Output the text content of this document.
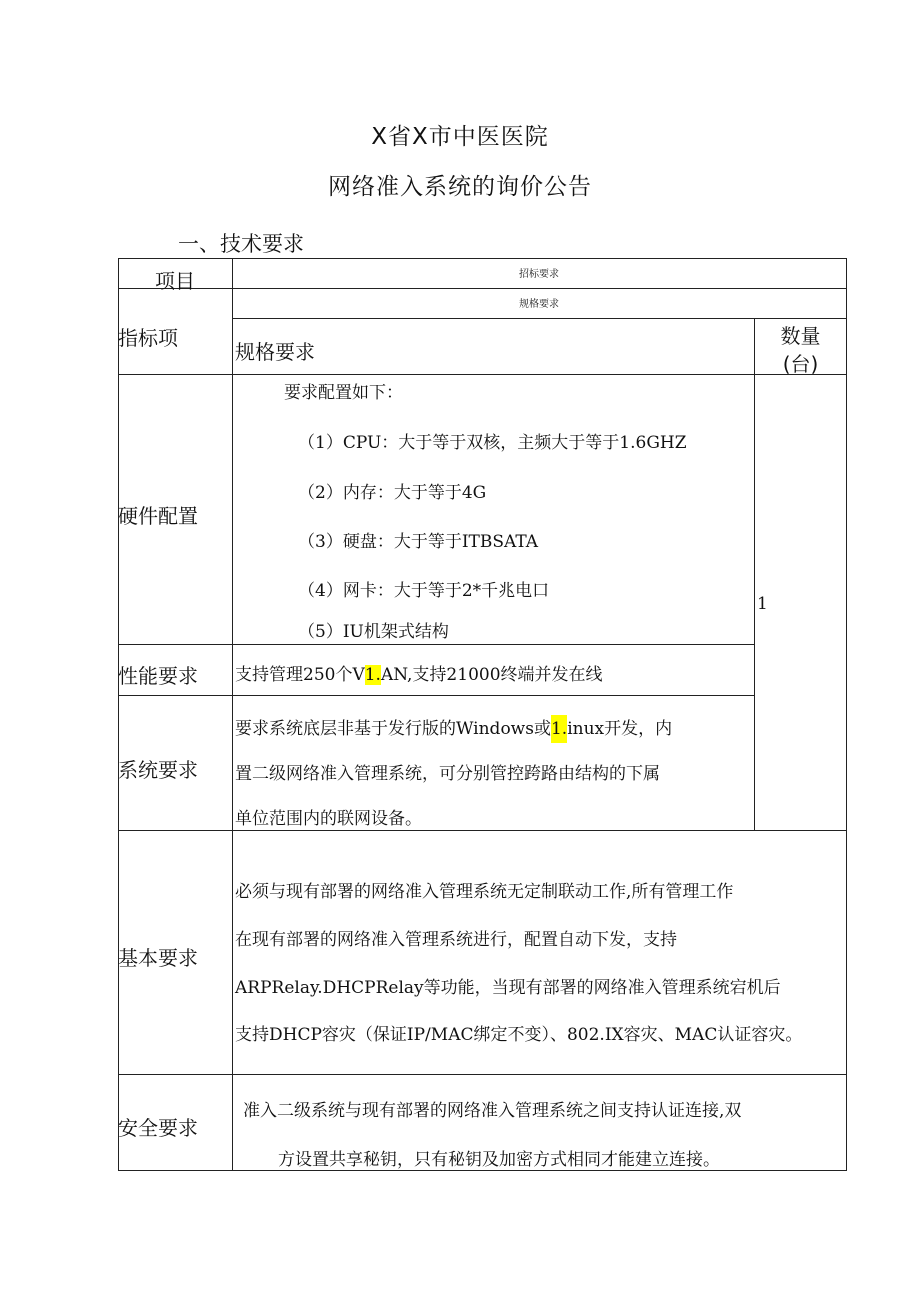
X省X市中医医院
网络准入系统的询价公告
一、技术要求
项目	招标要求
规格要求
指标项
规格要求
数量
(台)
硬件配置
要求配置如下：
（1）CPU：大于等于双核，主频大于等于1.6GHZ
（2）内存：大于等于4G
（3）硬盘：大于等于ITBSATA
（4）网卡：大于等于2*千兆电口
（5）IU机架式结构
1
性能要求	支持管理250个V1.AN,支持21000终端并发在线
系统要求
要求系统底层非基于发行版的Windows或1.inux开发，内
置二级网络准入管理系统，可分别管控跨路由结构的下属
单位范围内的联网设备。
基本要求
必须与现有部署的网络准入管理系统无定制联动工作,所有管理工作
在现有部署的网络准入管理系统进行，配置自动下发，支持
ARPRelay.DHCPRelay等功能，当现有部署的网络准入管理系统宕机后
支持DHCP容灾（保证IP/MAC绑定不变）、802.IX容灾、MAC认证容灾。
安全要求
准入二级系统与现有部署的网络准入管理系统之间支持认证连接,双
方设置共享秘钥，只有秘钥及加密方式相同才能建立连接。
